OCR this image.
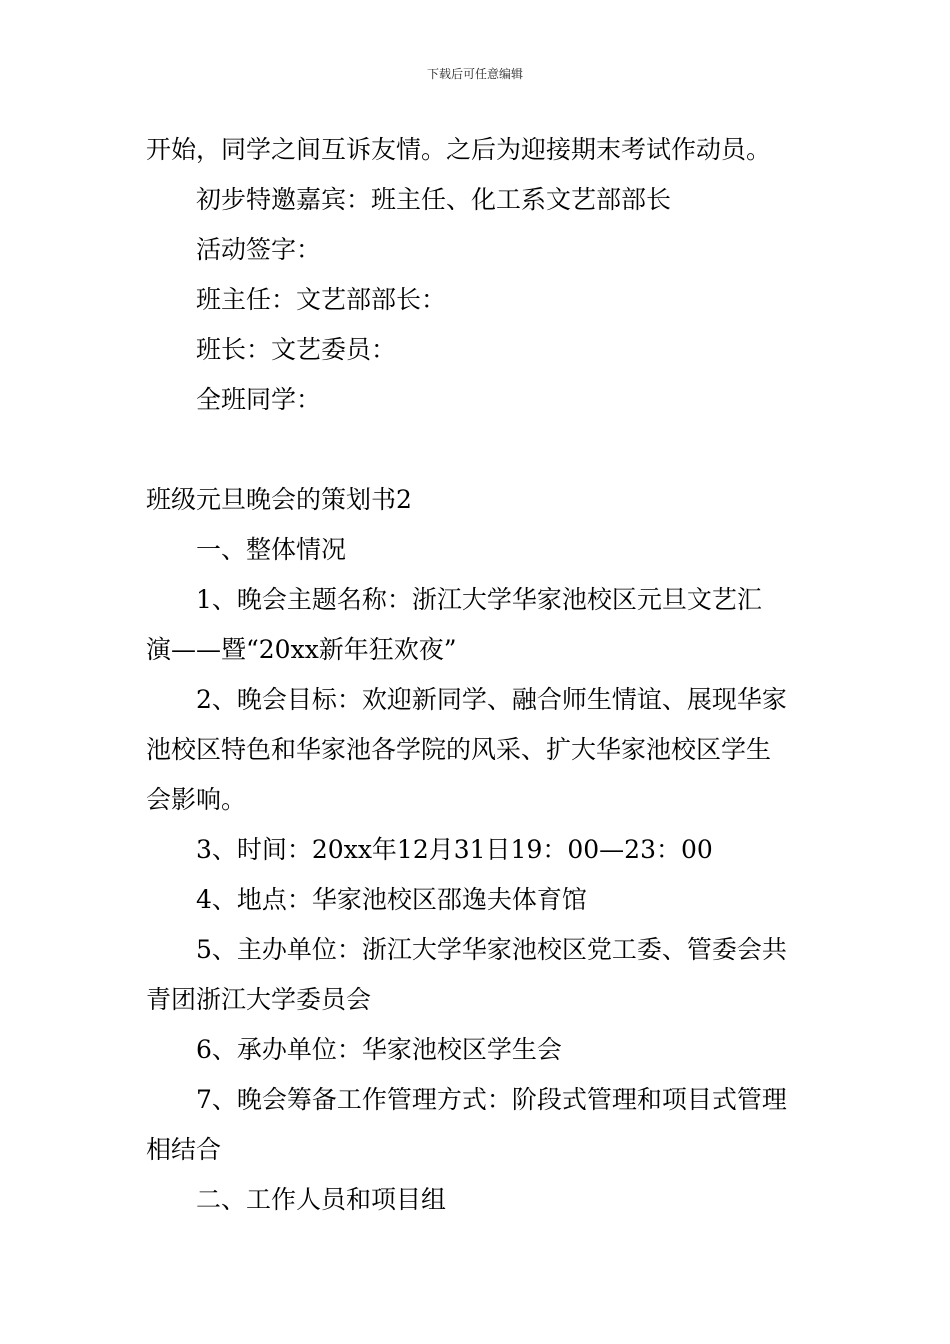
下载后可任意编辑

开始，同学之间互诉友情。之后为迎接期末考试作动员。

初步特邀嘉宾：班主任、化工系文艺部部长

活动签字：

班主任：文艺部部长：

班长：文艺委员：

全班同学：

班级元旦晚会的策划书2

一、整体情况

1、晚会主题名称：浙江大学华家池校区元旦文艺汇

演——暨“20xx新年狂欢夜”

2、晚会目标：欢迎新同学、融合师生情谊、展现华家

池校区特色和华家池各学院的风采、扩大华家池校区学生

会影响。

3、时间：20xx年12月31日19：00—23：00

4、地点：华家池校区邵逸夫体育馆

5、主办单位：浙江大学华家池校区党工委、管委会共

青团浙江大学委员会

6、承办单位：华家池校区学生会

7、晚会筹备工作管理方式：阶段式管理和项目式管理

相结合

二、工作人员和项目组
